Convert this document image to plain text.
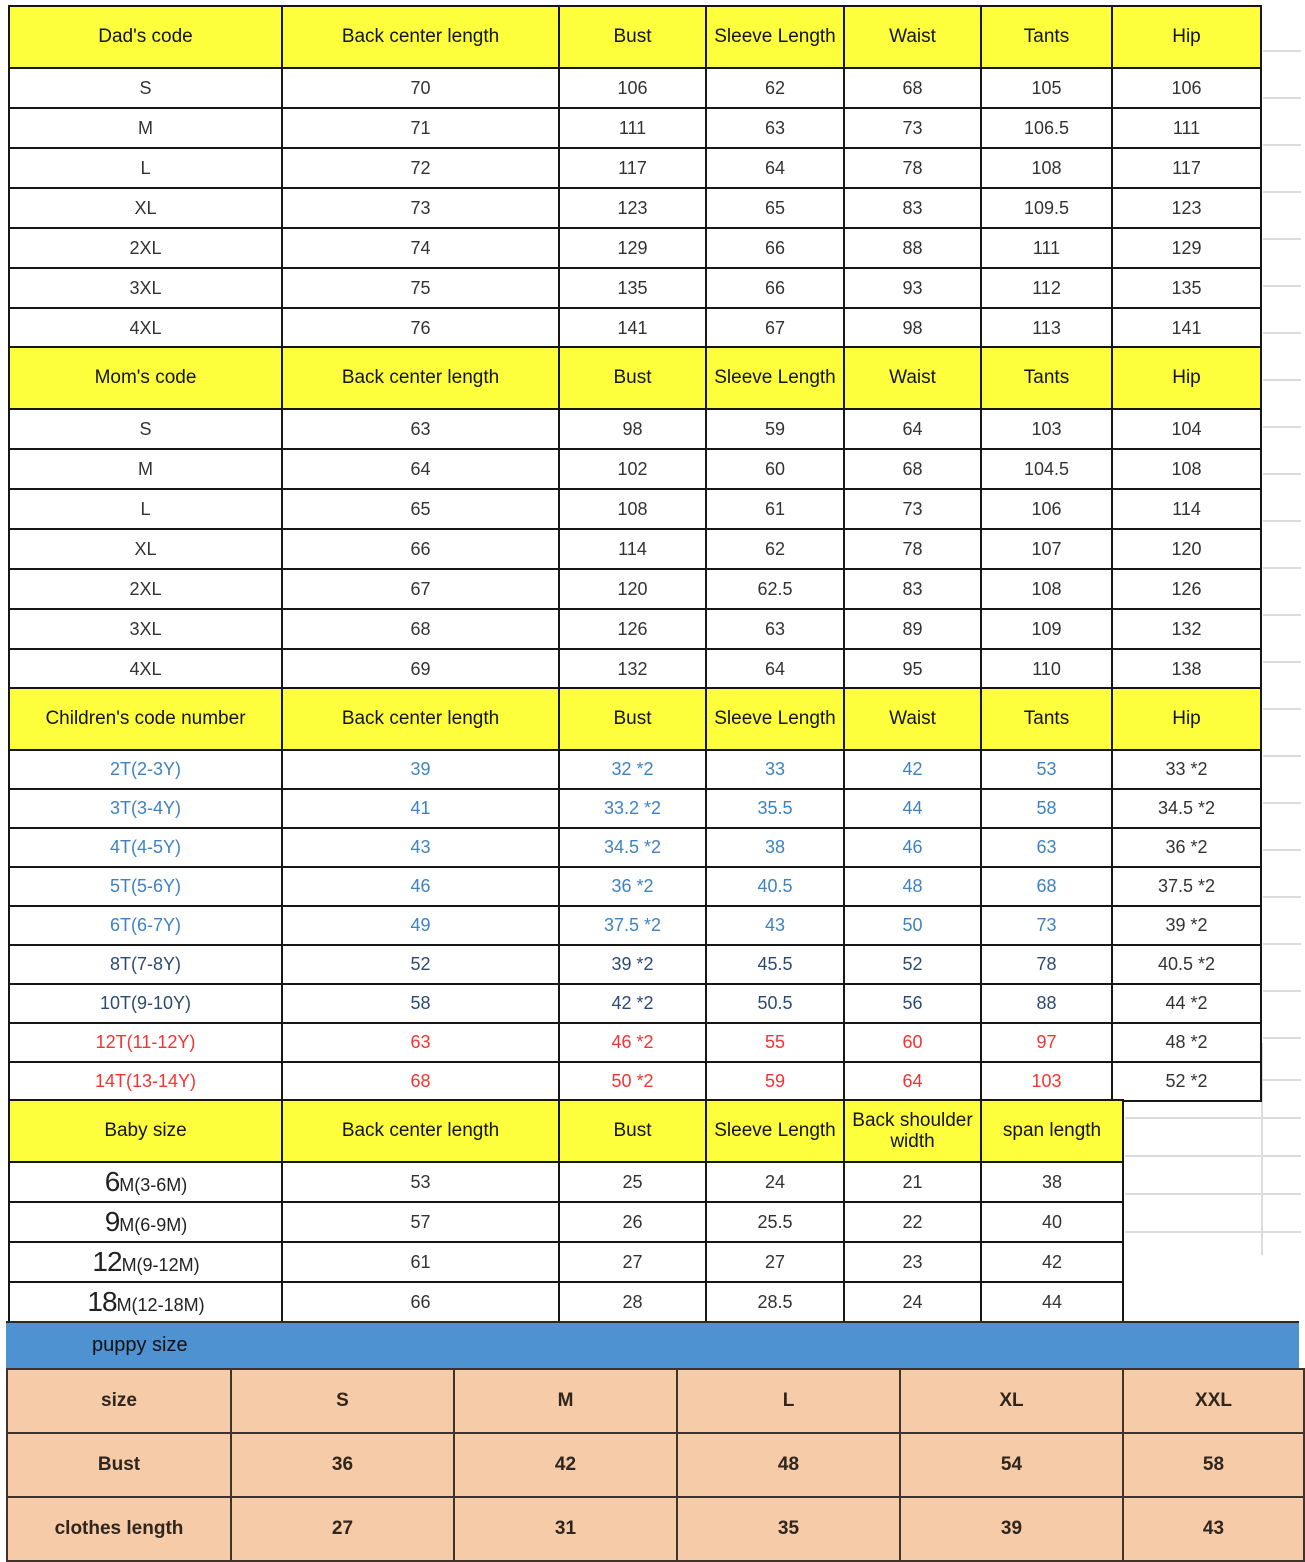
Dad's code	Back center length	Bust	Sleeve Length	Waist	Tants	Hip
S	70	106	62	68	105	106
M	71	111	63	73	106.5	111
L	72	117	64	78	108	117
XL	73	123	65	83	109.5	123
2XL	74	129	66	88	111	129
3XL	75	135	66	93	112	135
4XL	76	141	67	98	113	141
Mom's code	Back center length	Bust	Sleeve Length	Waist	Tants	Hip
S	63	98	59	64	103	104
M	64	102	60	68	104.5	108
L	65	108	61	73	106	114
XL	66	114	62	78	107	120
2XL	67	120	62.5	83	108	126
3XL	68	126	63	89	109	132
4XL	69	132	64	95	110	138
Children's code number	Back center length	Bust	Sleeve Length	Waist	Tants	Hip
2T(2-3Y)	39	32 *2	33	42	53	33 *2
3T(3-4Y)	41	33.2 *2	35.5	44	58	34.5 *2
4T(4-5Y)	43	34.5 *2	38	46	63	36 *2
5T(5-6Y)	46	36 *2	40.5	48	68	37.5 *2
6T(6-7Y)	49	37.5 *2	43	50	73	39 *2
8T(7-8Y)	52	39 *2	45.5	52	78	40.5 *2
10T(9-10Y)	58	42 *2	50.5	56	88	44 *2
12T(11-12Y)	63	46 *2	55	60	97	48 *2
14T(13-14Y)	68	50 *2	59	64	103	52 *2
Baby size	Back center length	Bust	Sleeve Length	Back shoulder width	span length
6M(3-6M)	53	25	24	21	38
9M(6-9M)	57	26	25.5	22	40
12M(9-12M)	61	27	27	23	42
18M(12-18M)	66	28	28.5	24	44
puppy size
size	S	M	L	XL	XXL
Bust	36	42	48	54	58
clothes length	27	31	35	39	43
